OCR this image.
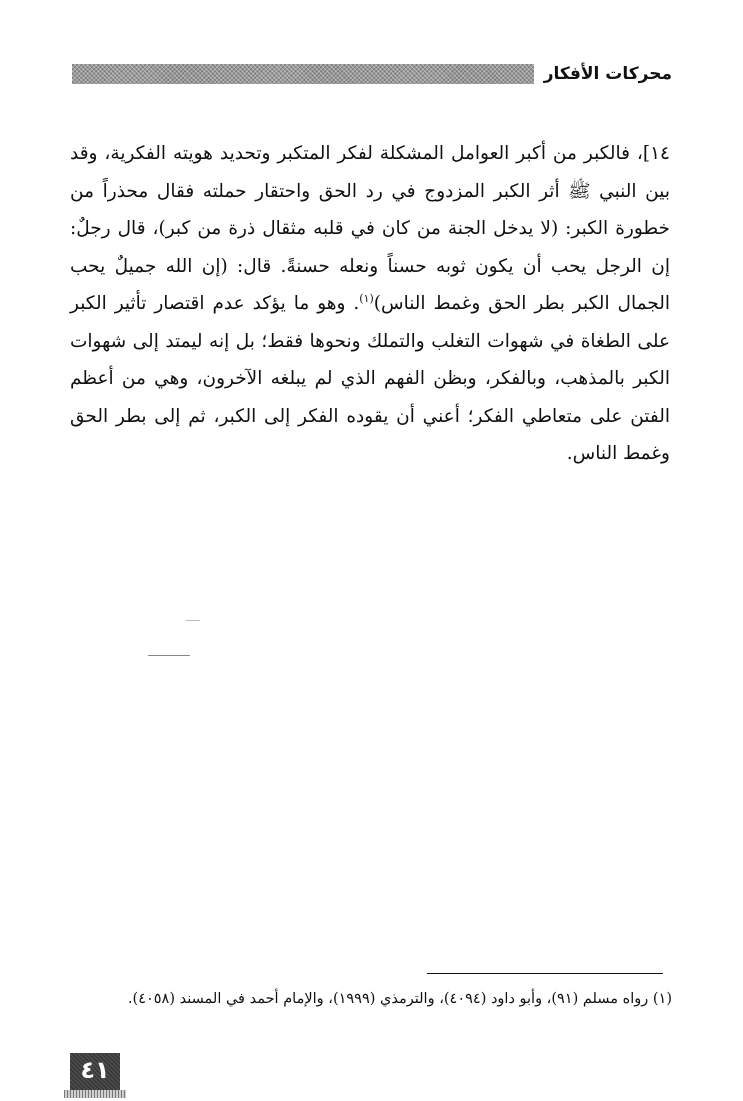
محركات الأفكار

١٤]، فالكبر من أكبر العوامل المشكلة لفكر المتكبر وتحديد هويته الفكرية، وقد بين النبي ﷺ أثر الكبر المزدوج في رد الحق واحتقار حملته فقال محذراً من خطورة الكبر: (لا يدخل الجنة من كان في قلبه مثقال ذرة من كبر)، قال رجلٌ: إن الرجل يحب أن يكون ثوبه حسناً ونعله حسنةً. قال: (إن الله جميلٌ يحب الجمال الكبر بطر الحق وغمط الناس)$^{(١)}$. وهو ما يؤكد عدم اقتصار تأثير الكبر على الطغاة في شهوات التغلب والتملك ونحوها فقط؛ بل إنه ليمتد إلى شهوات الكبر بالمذهب، وبالفكر، وبظن الفهم الذي لم يبلغه الآخرون، وهي من أعظم الفتن على متعاطي الفكر؛ أعني أن يقوده الفكر إلى الكبر، ثم إلى بطر الحق وغمط الناس.

(١) رواه مسلم (٩١)، وأبو داود (٤٠٩٤)، والترمذي (١٩٩٩)، والإمام أحمد في المسند (٤٠٥٨).
٤١
